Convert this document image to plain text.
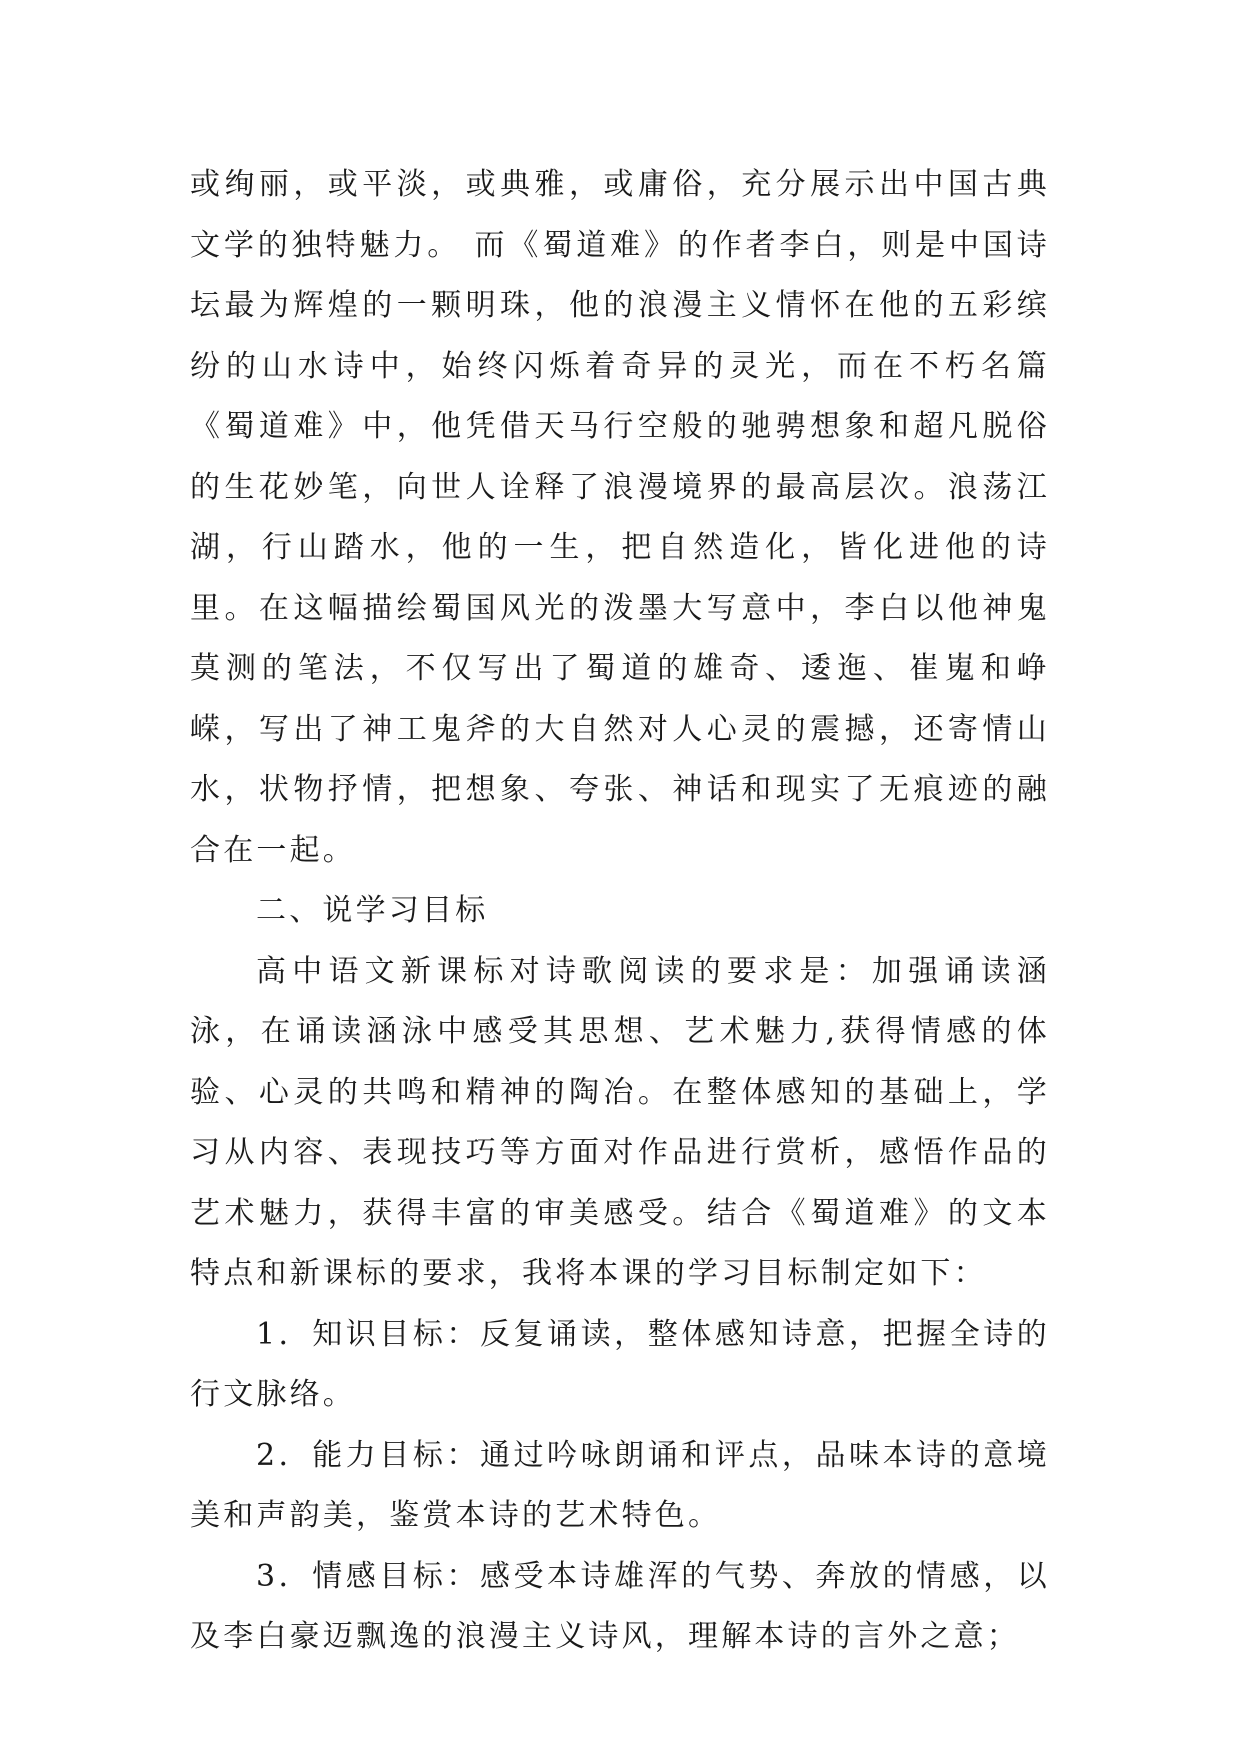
或绚丽，或平淡，或典雅，或庸俗，充分展示出中国古典文学的独特魅力。 而《蜀道难》的作者李白，则是中国诗坛最为辉煌的一颗明珠，他的浪漫主义情怀在他的五彩缤纷的山水诗中，始终闪烁着奇异的灵光，而在不朽名篇《蜀道难》中，他凭借天马行空般的驰骋想象和超凡脱俗的生花妙笔，向世人诠释了浪漫境界的最高层次。浪荡江湖，行山踏水，他的一生，把自然造化，皆化进他的诗里。在这幅描绘蜀国风光的泼墨大写意中，李白以他神鬼莫测的笔法，不仅写出了蜀道的雄奇、逶迤、崔嵬和峥嵘，写出了神工鬼斧的大自然对人心灵的震撼，还寄情山水，状物抒情，把想象、夸张、神话和现实了无痕迹的融合在一起。

二、说学习目标

高中语文新课标对诗歌阅读的要求是：加强诵读涵泳，在诵读涵泳中感受其思想、艺术魅力,获得情感的体验、心灵的共鸣和精神的陶冶。在整体感知的基础上，学习从内容、表现技巧等方面对作品进行赏析，感悟作品的艺术魅力，获得丰富的审美感受。结合《蜀道难》的文本特点和新课标的要求，我将本课的学习目标制定如下：

1．知识目标：反复诵读，整体感知诗意，把握全诗的行文脉络。

2．能力目标：通过吟咏朗诵和评点，品味本诗的意境美和声韵美，鉴赏本诗的艺术特色。

3．情感目标：感受本诗雄浑的气势、奔放的情感，以及李白豪迈飘逸的浪漫主义诗风，理解本诗的言外之意；
